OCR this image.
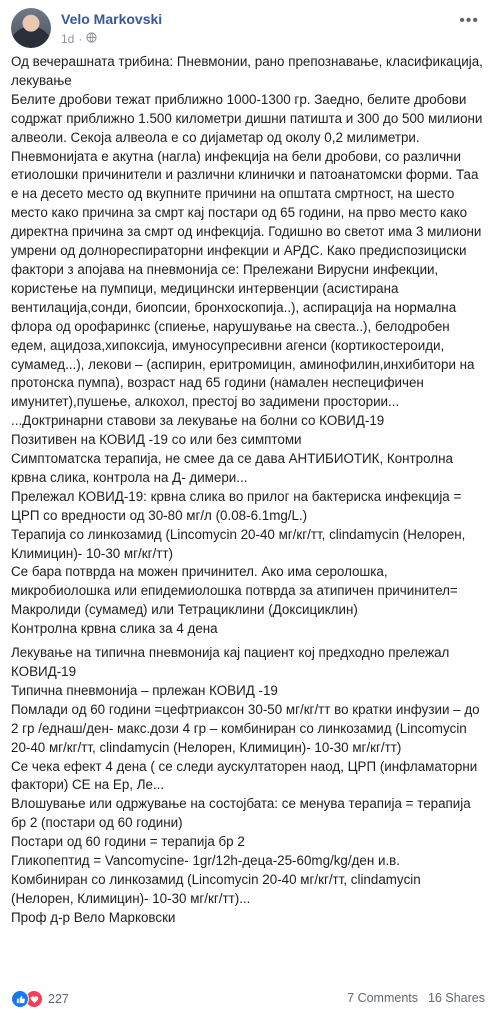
Velo Markovski
1d ·
•••

Од вечерашната трибина: Пневмонии, рано препознавање, класификација, лекување

Белите дробови тежат приближно 1000-1300 гр. Заедно, белите дробови содржат приближно 1.500 километри дишни патишта и 300 до 500 милиони алвеоли. Секоја алвеола е со дијаметар од околу 0,2 милиметри.

Пневмонијата е акутна (нагла) инфекција на бели дробови, со различни етиолошки причинители и различни клинички и патоанатомски форми. Таа е на десето место од вкупните причини на општата смртност, на шесто место како причина за смрт кај постари од 65 години, на прво место како директна причина за смрт од инфекција. Годишно во светот има 3 милиони умрени од долнореспираторни инфекции и АРДС. Како предиспозициски фактори з апојава на пневмонија се: Прележани Вирусни инфекции, користење на пумпици, медицински интервенции (асистирана вентилација,сонди, биопсии, бронхоскопија..), аспирација на нормална флора од орофаринкс (спиење, нарушување на свеста..), белодробен едем, ацидоза,хипоксија, имуносупресивни агенси (кортикостероиди, сумамед...), лекови – (аспирин, еритромицин, аминофилин,инхибитори на протонска пумпа), возраст над 65 години (намален неспецифичен имунитет),пушење, алкохол, престој во задимени простории...

...Доктринарни ставови за лекување на болни со КОВИД-19

Позитивен на КОВИД -19 со или без симптоми

Симптоматска терапија, не смее да се дава АНТИБИОТИК, Контролна крвна слика, контрола на Д- димери...

Прележал КОВИД-19: крвна слика во прилог на бактериска инфекција = ЦРП со вредности од 30-80 мг/л (0.08-6.1mg/L.)

Терапија со линкозамид (Lincomycin 20-40 мг/кг/тт, clindamycin (Нелорен, Климицин)- 10-30 мг/кг/тт)

Се бара потврда на можен причинител. Ако има серолошка, микробиолошка или епидемиолошка потврда за атипичен причинител= Макролиди (сумамед) или Тетрациклини (Доксициклин)

Контролна крвна слика за 4 дена

Лекување на типична пневмонија кај пациент кој предходно прележал КОВИД-19

Типична пневмонија – прлежан КОВИД -19

Помлади од 60 години =цефтриаксон 30-50 мг/кг/тт во кратки инфузии – до 2 гр /еднаш/ден- макс.дози 4 гр – комбиниран со линкозамид (Lincomycin 20-40 мг/кг/тт, clindamycin (Нелорен, Климицин)- 10-30 мг/кг/тт)

Се чека ефект 4 дена ( се следи аускултаторен наод, ЦРП (инфламаторни фактори) СЕ на Ер, Ле...

Влошување или одржување на состојбата: се менува терапија = терапија бр 2 (постари од 60 години)

Постари од 60 години = терапија бр 2

Гликопептид = Vancomycine- 1gr/12h-деца-25-60mg/kg/ден и.в.

Комбиниран со линкозамид (Lincomycin 20-40 мг/кг/тт, clindamycin (Нелорен, Климицин)- 10-30 мг/кг/тт)...

Проф д-р Вело Марковски

227	7 Comments 16 Shares
